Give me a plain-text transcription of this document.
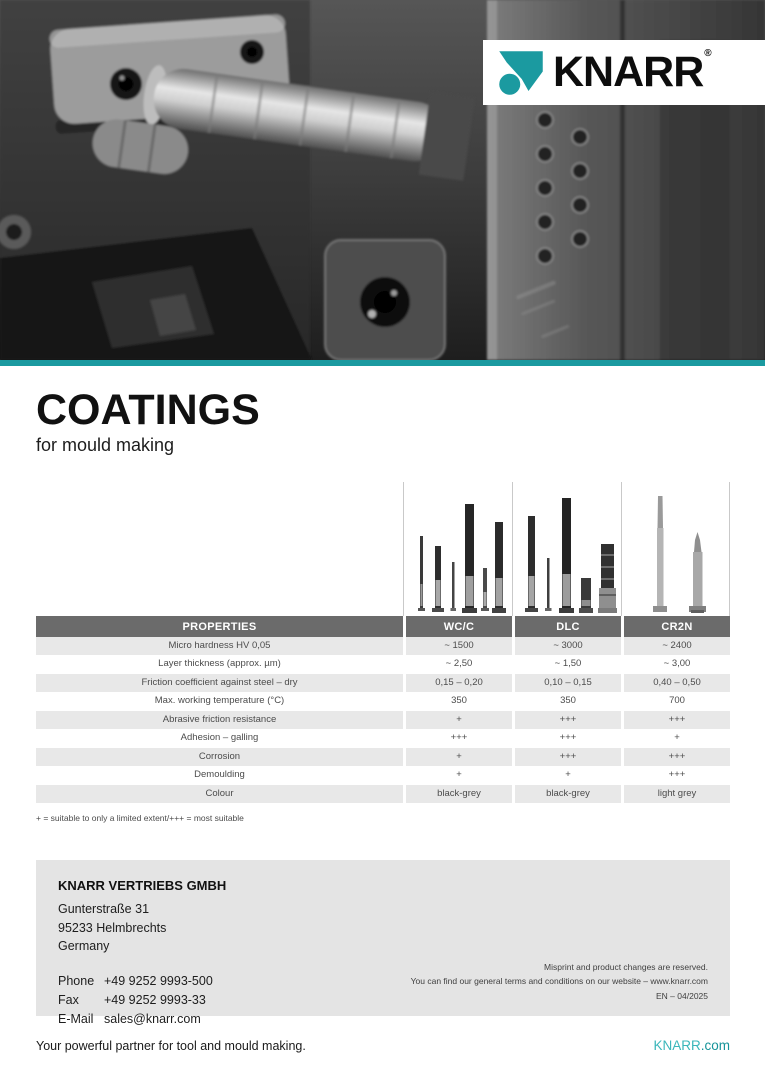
KNARR®
COATINGS
for mould making
PROPERTIES	WC/C	DLC	CR2N
Micro hardness HV 0,05	~ 1500	~ 3000	~ 2400
Layer thickness (approx. µm)	~ 2,50	~ 1,50	~ 3,00
Friction coefficient against steel – dry	0,15 – 0,20	0,10 – 0,15	0,40 – 0,50
Max. working temperature (°C)	350	350	700
Abrasive friction resistance	+	+++	+++
Adhesion – galling	+++	+++	+
Corrosion	+	+++	+++
Demoulding	+	+	+++
Colour	black-grey	black-grey	light grey
+ = suitable to only a limited extent/+++ = most suitable
KNARR VERTRIEBS GMBH
Gunterstraße 31
95233 Helmbrechts
Germany
Phone +49 9252 9993-500
Fax	+49 9252 9993-33
E-Mail sales@knarr.com
Misprint and product changes are reserved.
You can find our general terms and conditions on our website – www.knarr.com
EN – 04/2025
Your powerful partner for tool and mould making.	KNARR.com
